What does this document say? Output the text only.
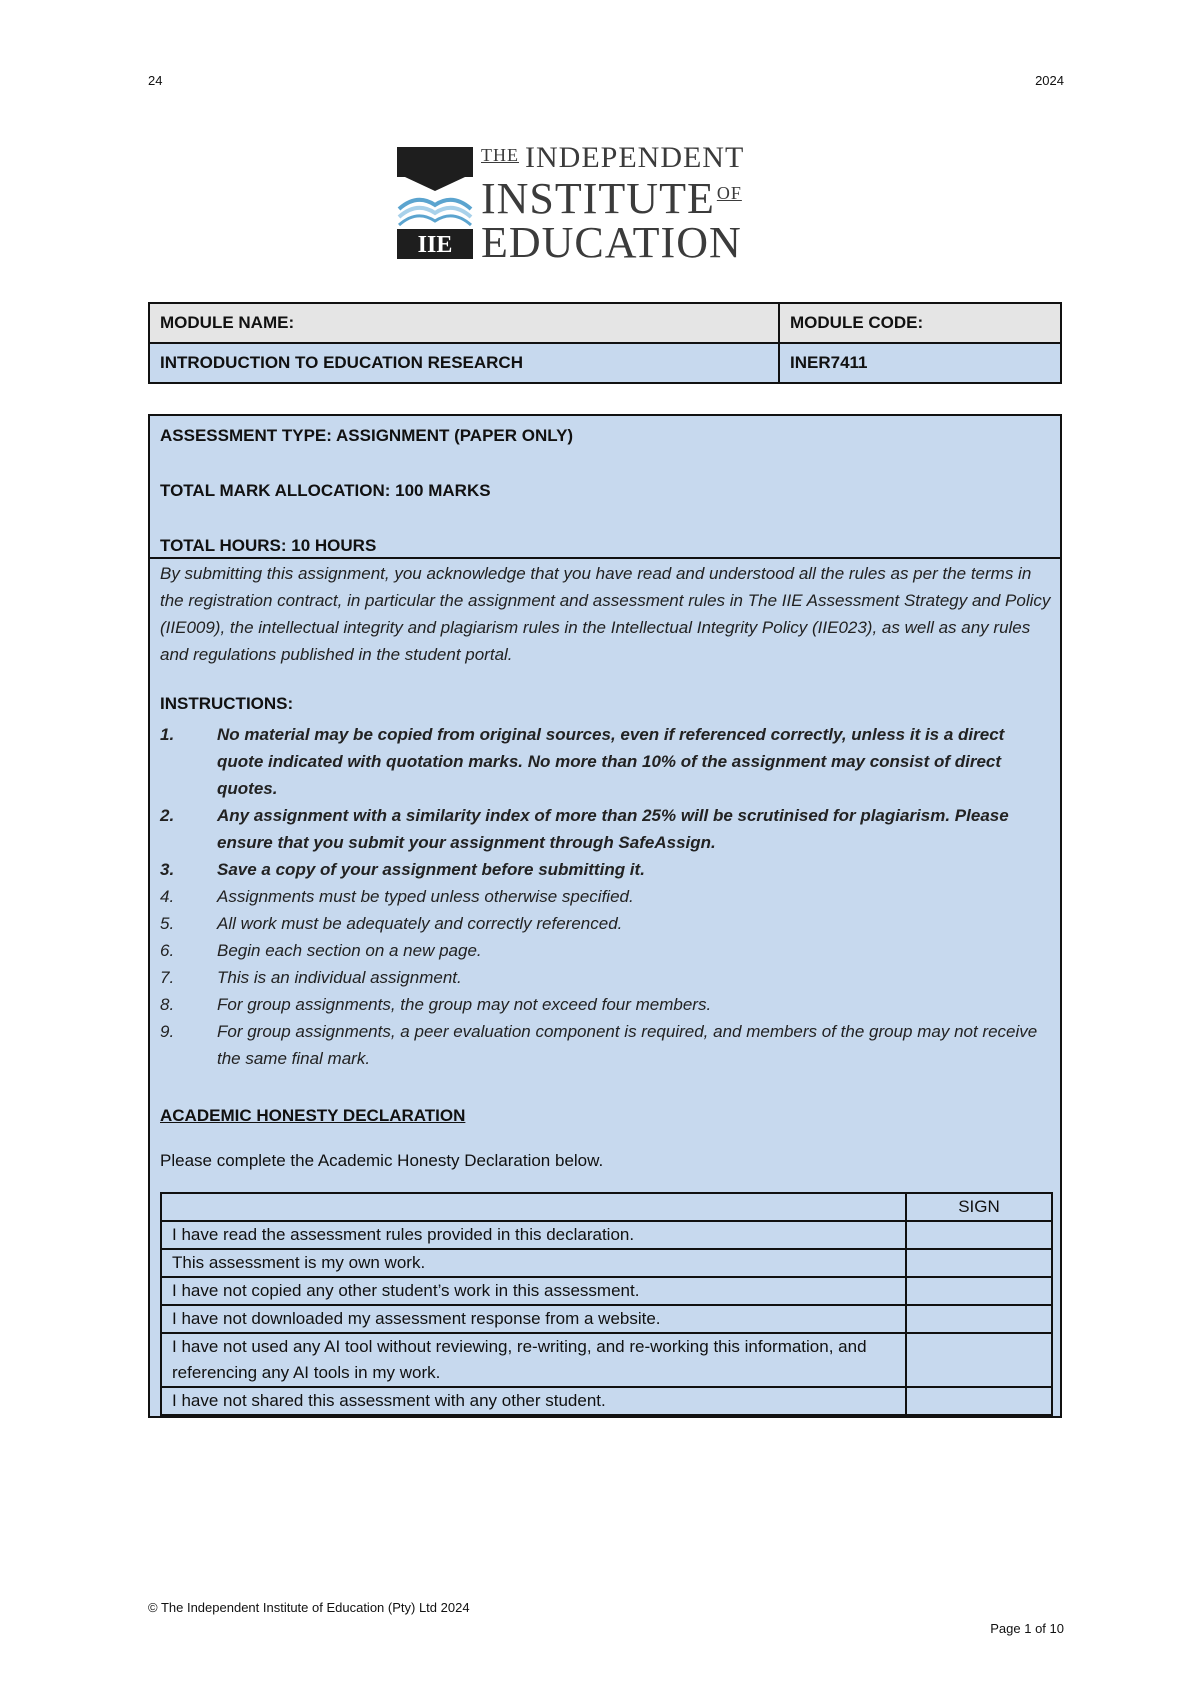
24	2024
IIE
$^{THE}$ INDEPENDENT
INSTITUTE $^{OF}$
EDUCATION
MODULE NAME:	MODULE CODE:
INTRODUCTION TO EDUCATION RESEARCH	INER7411
ASSESSMENT TYPE: ASSIGNMENT (PAPER ONLY)
TOTAL MARK ALLOCATION: 100 MARKS
TOTAL HOURS: 10 HOURS
By submitting this assignment, you acknowledge that you have read and understood all the rules as per the terms in the registration contract, in particular the assignment and assessment rules in The IIE Assessment Strategy and Policy (IIE009), the intellectual integrity and plagiarism rules in the Intellectual Integrity Policy (IIE023), as well as any rules and regulations published in the student portal.
INSTRUCTIONS:
1.	No material may be copied from original sources, even if referenced correctly, unless it is a direct quote indicated with quotation marks. No more than 10% of the assignment may consist of direct quotes.
2.	Any assignment with a similarity index of more than 25% will be scrutinised for plagiarism. Please ensure that you submit your assignment through SafeAssign.
3.	Save a copy of your assignment before submitting it.
4.	Assignments must be typed unless otherwise specified.
5.	All work must be adequately and correctly referenced.
6.	Begin each section on a new page.
7.	This is an individual assignment.
8.	For group assignments, the group may not exceed four members.
9.	For group assignments, a peer evaluation component is required, and members of the group may not receive the same final mark.
ACADEMIC HONESTY DECLARATION
Please complete the Academic Honesty Declaration below.
	SIGN
I have read the assessment rules provided in this declaration.	
This assessment is my own work.	
I have not copied any other student’s work in this assessment.	
I have not downloaded my assessment response from a website.	
I have not used any AI tool without reviewing, re-writing, and re-working this information, and referencing any AI tools in my work.	
I have not shared this assessment with any other student.	
© The Independent Institute of Education (Pty) Ltd 2024
Page 1 of 10
